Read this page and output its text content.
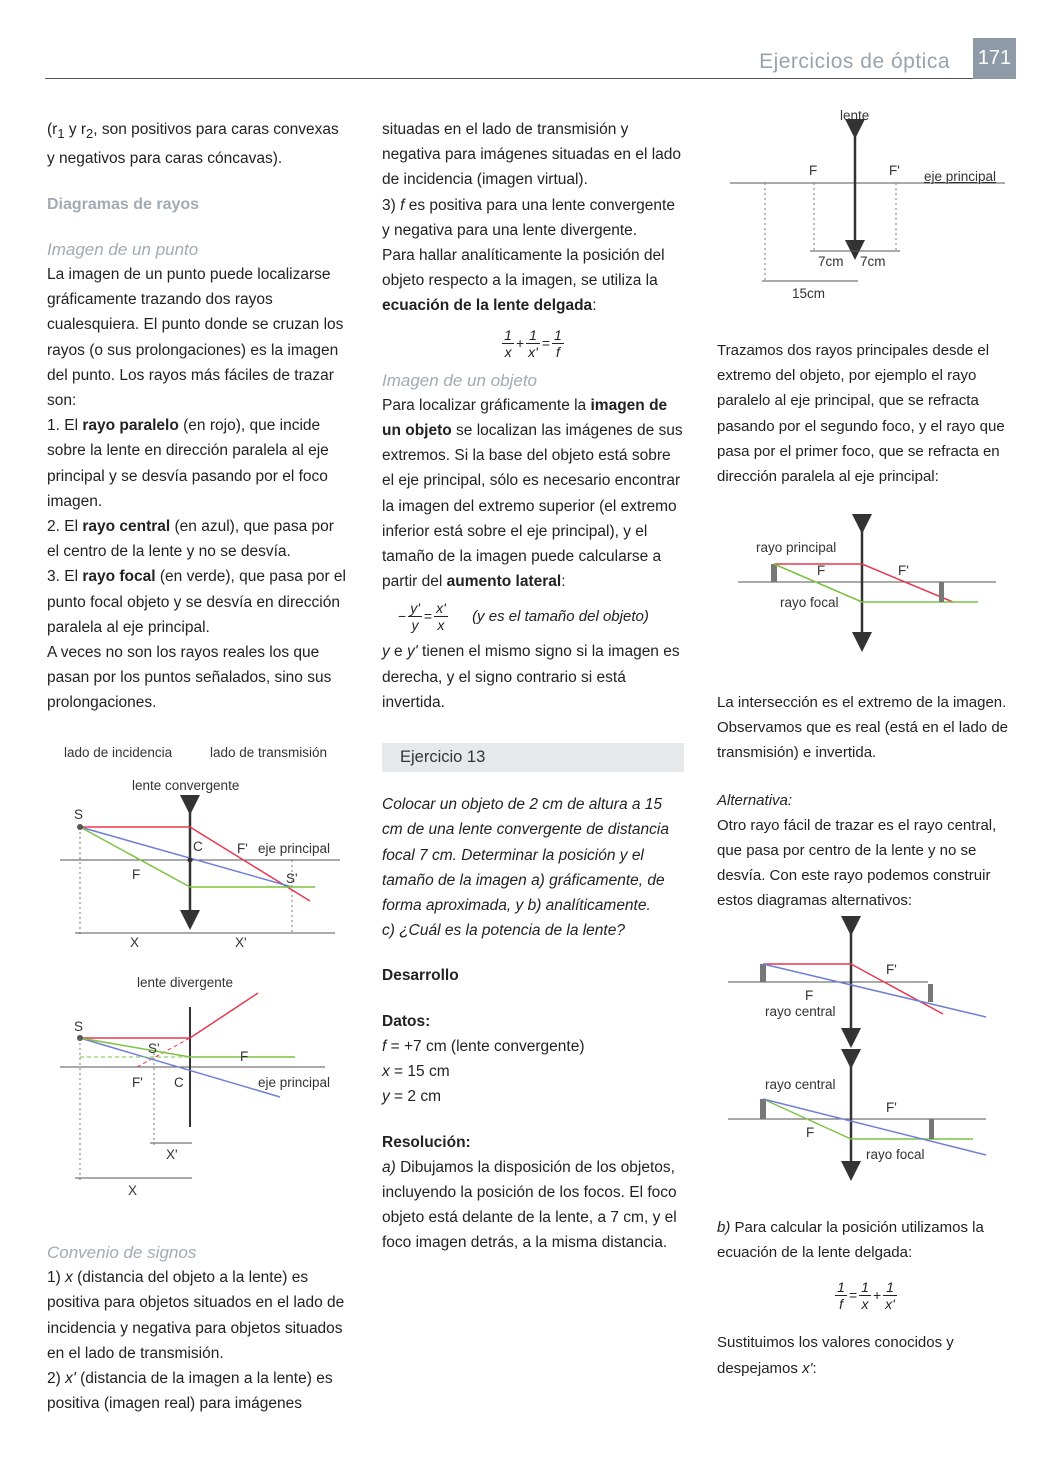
Ejercicios de óptica 171

($r_1$ y $r_2$, son positivos para caras convexas y negativos para caras cóncavas).

Diagramas de rayos

Imagen de un punto

La imagen de un punto puede localizarse gráficamente trazando dos rayos cualesquiera. El punto donde se cruzan los rayos (o sus prolongaciones) es la imagen del punto. Los rayos más fáciles de trazar son:

1. El rayo paralelo (en rojo), que incide sobre la lente en dirección paralela al eje principal y se desvía pasando por el foco imagen.

2. El rayo central (en azul), que pasa por el centro de la lente y no se desvía.

3. El rayo focal (en verde), que pasa por el punto focal objeto y se desvía en dirección paralela al eje principal.

A veces no son los rayos reales los que pasan por los puntos señalados, sino sus prolongaciones.

lado de incidencia	lado de transmisión
lente convergente
S
C
F
F' eje principal
S'
X	X'
lente divergente
S
S'
F
F' C	eje principal
X'
X

Convenio de signos

1) x (distancia del objeto a la lente) es positiva para objetos situados en el lado de incidencia y negativa para objetos situados en el lado de transmisión.

2) x' (distancia de la imagen a la lente) es positiva (imagen real) para imágenes

situadas en el lado de transmisión y negativa para imágenes situadas en el lado de incidencia (imagen virtual).

3) f es positiva para una lente convergente y negativa para una lente divergente.

Para hallar analíticamente la posición del objeto respecto a la imagen, se utiliza la ecuación de la lente delgada:

$\frac{1}{x} + \frac{1}{x'} = \frac{1}{f}$

Imagen de un objeto

Para localizar gráficamente la imagen de un objeto se localizan las imágenes de sus extremos. Si la base del objeto está sobre el eje principal, sólo es necesario encontrar la imagen del extremo superior (el extremo inferior está sobre el eje principal), y el tamaño de la imagen puede calcularse a partir del aumento lateral:

− $\frac{y'}{y} = \frac{x'}{x} (y$ es el tamaño del objeto)

y e y' tienen el mismo signo si la imagen es derecha, y el signo contrario si está invertida.

Ejercicio 13

Colocar un objeto de 2 cm de altura a 15 cm de una lente convergente de distancia focal 7 cm. Determinar la posición y el tamaño de la imagen a) gráficamente, de forma aproximada, y b) analíticamente.

c) ¿Cuál es la potencia de la lente?

Desarrollo

Datos:

f = +7 cm (lente convergente)

x = 15 cm

y = 2 cm

Resolución:

a) Dibujamos la disposición de los objetos, incluyendo la posición de los focos. El foco objeto está delante de la lente, a 7 cm, y el foco imagen detrás, a la misma distancia.

lente
F	F' eje principal
7cm 7cm
15cm

Trazamos dos rayos principales desde el extremo del objeto, por ejemplo el rayo paralelo al eje principal, que se refracta pasando por el segundo foco, y el rayo que pasa por el primer foco, que se refracta en dirección paralela al eje principal:

rayo principal
F	F'
rayo focal

La intersección es el extremo de la imagen. Observamos que es real (está en el lado de transmisión) e invertida.

Alternativa:

Otro rayo fácil de trazar es el rayo central, que pasa por centro de la lente y no se desvía. Con este rayo podemos construir estos diagramas alternativos:

F'
F
rayo central
rayo central
F'
F
rayo focal

b) Para calcular la posición utilizamos la ecuación de la lente delgada:

$\frac{1}{f} = \frac{1}{x} + \frac{1}{x'}$

Sustituimos los valores conocidos y despejamos x':
